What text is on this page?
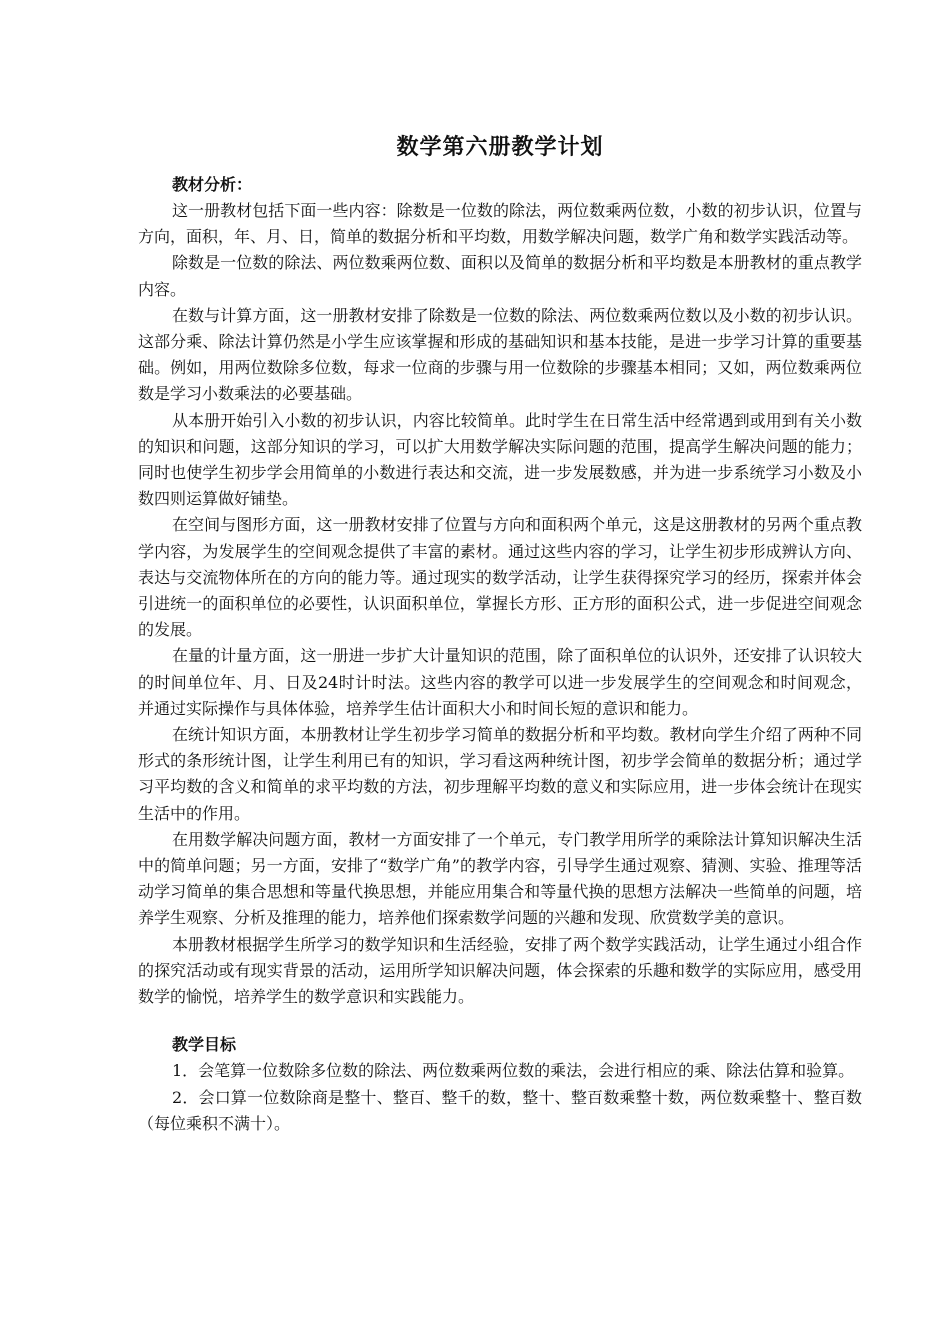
数学第六册教学计划

教材分析：

这一册教材包括下面一些内容：除数是一位数的除法，两位数乘两位数，小数的初步认识，位置与方向，面积，年、月、日，简单的数据分析和平均数，用数学解决问题，数学广角和数学实践活动等。

除数是一位数的除法、两位数乘两位数、面积以及简单的数据分析和平均数是本册教材的重点教学内容。

在数与计算方面，这一册教材安排了除数是一位数的除法、两位数乘两位数以及小数的初步认识。这部分乘、除法计算仍然是小学生应该掌握和形成的基础知识和基本技能，是进一步学习计算的重要基础。例如，用两位数除多位数，每求一位商的步骤与用一位数除的步骤基本相同；又如，两位数乘两位数是学习小数乘法的必要基础。

从本册开始引入小数的初步认识，内容比较简单。此时学生在日常生活中经常遇到或用到有关小数的知识和问题，这部分知识的学习，可以扩大用数学解决实际问题的范围，提高学生解决问题的能力；同时也使学生初步学会用简单的小数进行表达和交流，进一步发展数感，并为进一步系统学习小数及小数四则运算做好铺垫。

在空间与图形方面，这一册教材安排了位置与方向和面积两个单元，这是这册教材的另两个重点教学内容，为发展学生的空间观念提供了丰富的素材。通过这些内容的学习，让学生初步形成辨认方向、表达与交流物体所在的方向的能力等。通过现实的数学活动，让学生获得探究学习的经历，探索并体会引进统一的面积单位的必要性，认识面积单位，掌握长方形、正方形的面积公式，进一步促进空间观念的发展。

在量的计量方面，这一册进一步扩大计量知识的范围，除了面积单位的认识外，还安排了认识较大的时间单位年、月、日及24时计时法。这些内容的教学可以进一步发展学生的空间观念和时间观念，并通过实际操作与具体体验，培养学生估计面积大小和时间长短的意识和能力。

在统计知识方面，本册教材让学生初步学习简单的数据分析和平均数。教材向学生介绍了两种不同形式的条形统计图，让学生利用已有的知识，学习看这两种统计图，初步学会简单的数据分析；通过学习平均数的含义和简单的求平均数的方法，初步理解平均数的意义和实际应用，进一步体会统计在现实生活中的作用。

在用数学解决问题方面，教材一方面安排了一个单元，专门教学用所学的乘除法计算知识解决生活中的简单问题；另一方面，安排了“数学广角”的教学内容，引导学生通过观察、猜测、实验、推理等活动学习简单的集合思想和等量代换思想，并能应用集合和等量代换的思想方法解决一些简单的问题，培养学生观察、分析及推理的能力，培养他们探索数学问题的兴趣和发现、欣赏数学美的意识。

本册教材根据学生所学习的数学知识和生活经验，安排了两个数学实践活动，让学生通过小组合作的探究活动或有现实背景的活动，运用所学知识解决问题，体会探索的乐趣和数学的实际应用，感受用数学的愉悦，培养学生的数学意识和实践能力。

教学目标

1．会笔算一位数除多位数的除法、两位数乘两位数的乘法，会进行相应的乘、除法估算和验算。

2．会口算一位数除商是整十、整百、整千的数，整十、整百数乘整十数，两位数乘整十、整百数（每位乘积不满十）。
